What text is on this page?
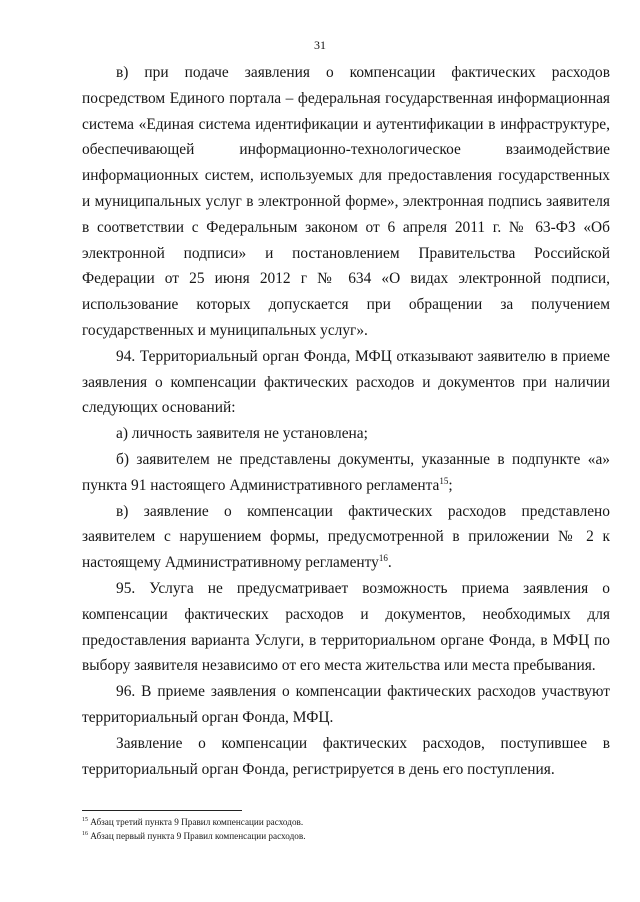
31

в) при подаче заявления о компенсации фактических расходов посредством Единого портала – федеральная государственная информационная система «Единая система идентификации и аутентификации в инфраструктуре, обеспечивающей информационно-технологическое взаимодействие информационных систем, используемых для предоставления государственных и муниципальных услуг в электронной форме», электронная подпись заявителя в соответствии с Федеральным законом от 6 апреля 2011 г. № 63-ФЗ «Об электронной подписи» и постановлением Правительства Российской Федерации от 25 июня 2012 г № 634 «О видах электронной подписи, использование которых допускается при обращении за получением государственных и муниципальных услуг».

94. Территориальный орган Фонда, МФЦ отказывают заявителю в приеме заявления о компенсации фактических расходов и документов при наличии следующих оснований:

а) личность заявителя не установлена;

б) заявителем не представлены документы, указанные в подпункте «а» пункта 91 настоящего Административного регламента$^{15}$;

в) заявление о компенсации фактических расходов представлено заявителем с нарушением формы, предусмотренной в приложении № 2 к настоящему Административному регламенту$^{16}$.

95. Услуга не предусматривает возможность приема заявления о компенсации фактических расходов и документов, необходимых для предоставления варианта Услуги, в территориальном органе Фонда, в МФЦ по выбору заявителя независимо от его места жительства или места пребывания.

96. В приеме заявления о компенсации фактических расходов участвуют территориальный орган Фонда, МФЦ.

Заявление о компенсации фактических расходов, поступившее в территориальный орган Фонда, регистрируется в день его поступления.

$^{15}$ Абзац третий пункта 9 Правил компенсации расходов.
$^{16}$ Абзац первый пункта 9 Правил компенсации расходов.
